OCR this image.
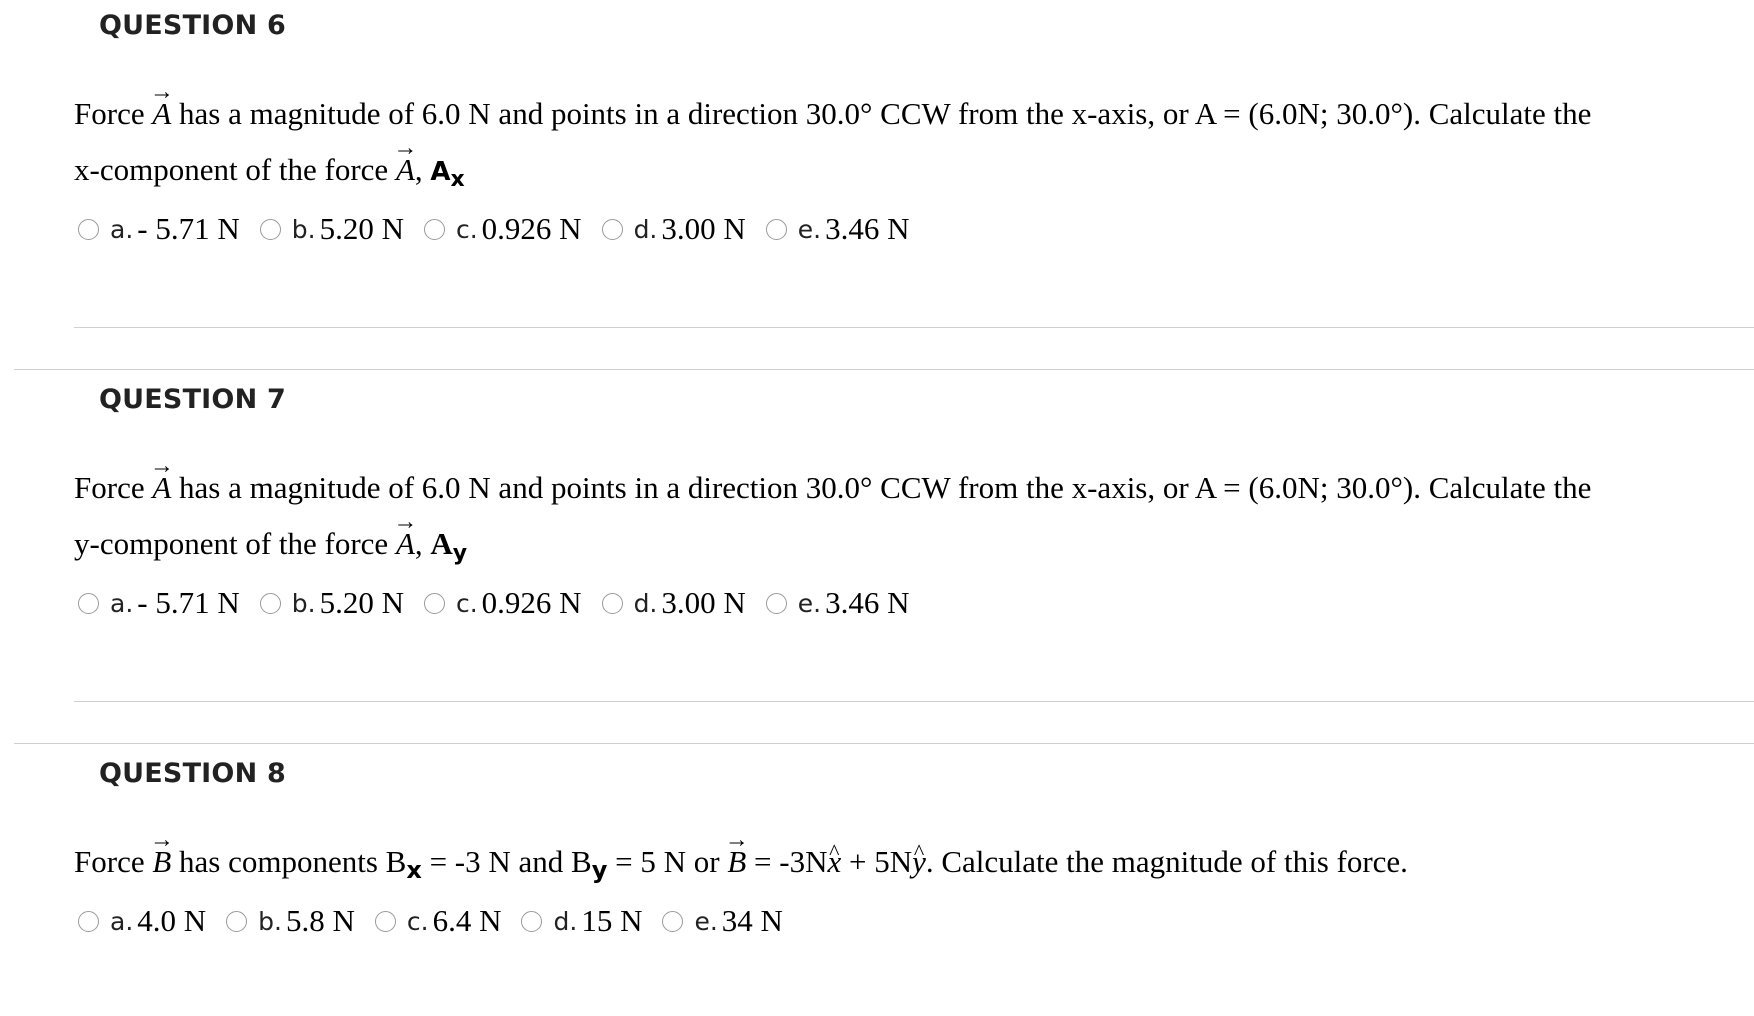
QUESTION 6
Force → A has a magnitude of 6.0 N and points in a direction 30.0° CCW from the x-axis, or A = (6.0N; 30.0°). Calculate the
x-component of the force → A, $A_x$
a. - 5.71 N b. 5.20 N c. 0.926 N d. 3.00 N e. 3.46 N
QUESTION 7
Force → A has a magnitude of 6.0 N and points in a direction 30.0° CCW from the x-axis, or A = (6.0N; 30.0°). Calculate the
y-component of the force → A, $A_y$
a. - 5.71 N b. 5.20 N c. 0.926 N d. 3.00 N e. 3.46 N
QUESTION 8
Force → B has components $B_x = -3$ N and $B_y = 5$ N or → B = -3N^ x + 5N^ y. Calculate the magnitude of this force.
a. 4.0 N b. 5.8 N c. 6.4 N d. 15 N e. 34 N
